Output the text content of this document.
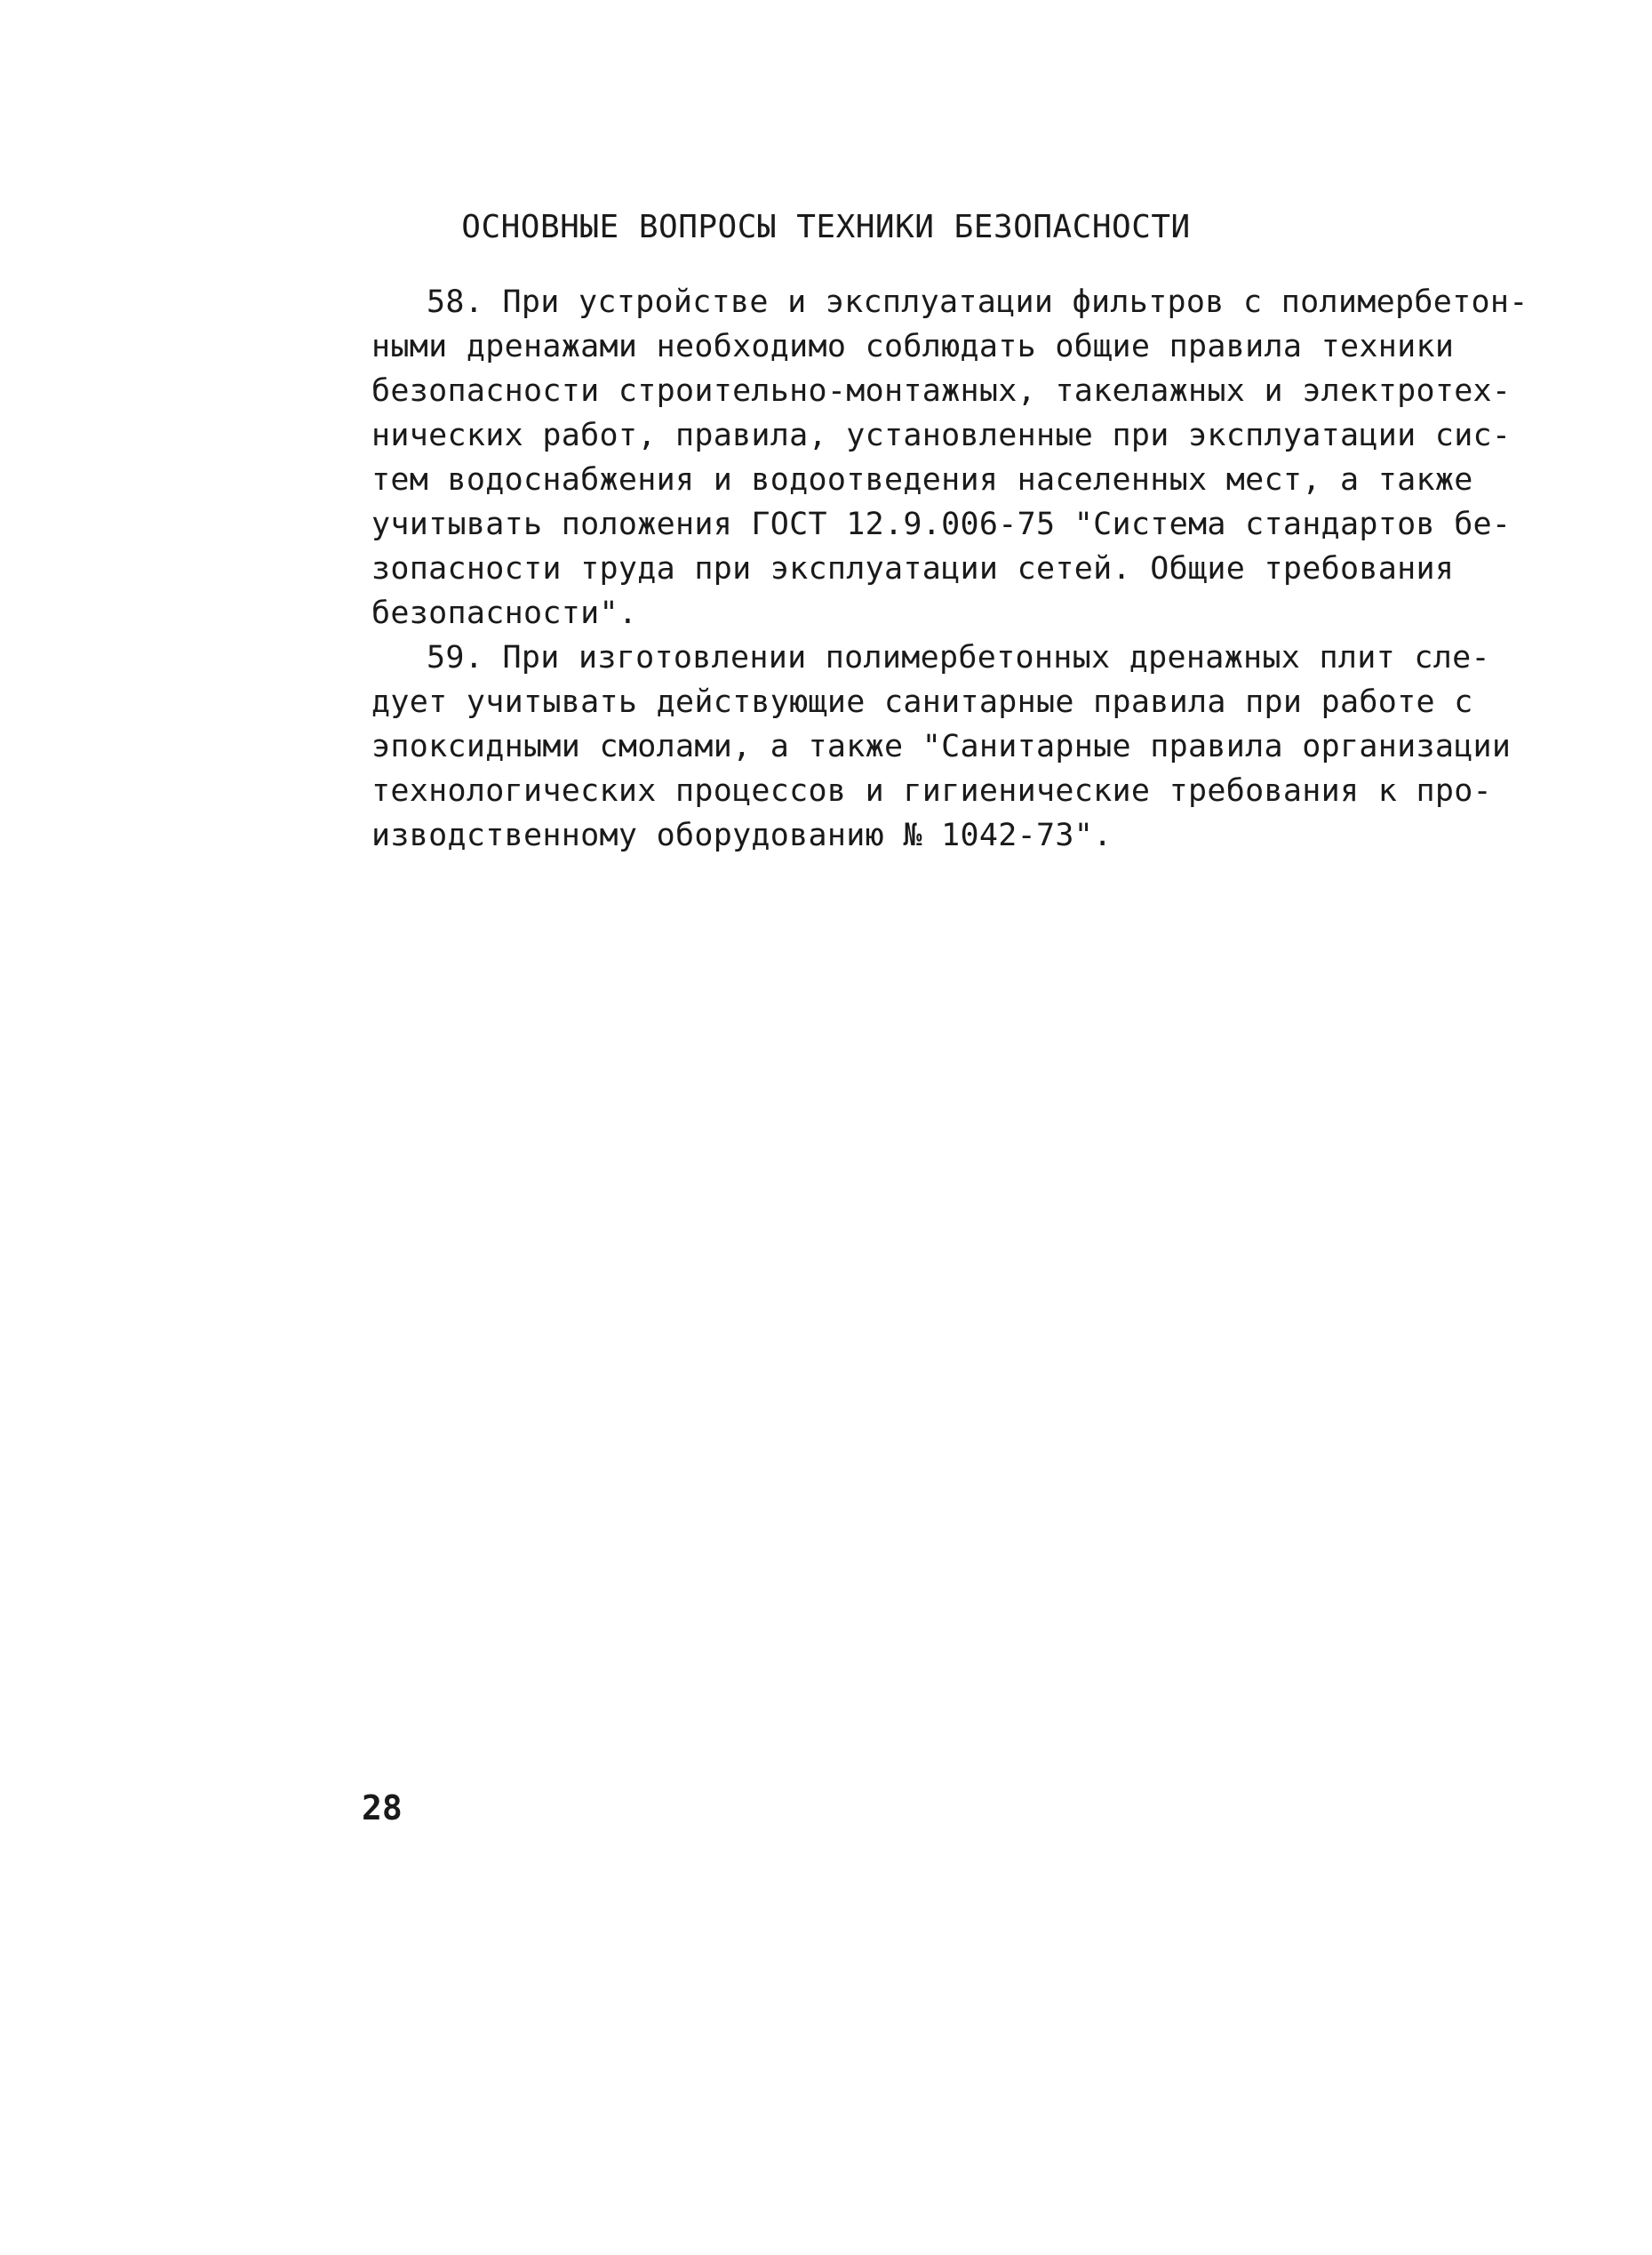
ОСНОВНЫЕ ВОПРОСЫ ТЕХНИКИ БЕЗОПАСНОСТИ
58. При устройстве и эксплуатации фильтров с полимербетон-
ными дренажами необходимо соблюдать общие правила техники
безопасности строительно-монтажных, такелажных и электротех-
нических работ, правила, установленные при эксплуатации сис-
тем водоснабжения и водоотведения населенных мест, а также
учитывать положения ГОСТ 12.9.006-75 "Система стандартов бе-
зопасности труда при эксплуатации сетей. Общие требования
безопасности".
59. При изготовлении полимербетонных дренажных плит сле-
дует учитывать действующие санитарные правила при работе с
эпоксидными смолами, а также "Санитарные правила организации
технологических процессов и гигиенические требования к про-
изводственному оборудованию № 1042-73".
28
